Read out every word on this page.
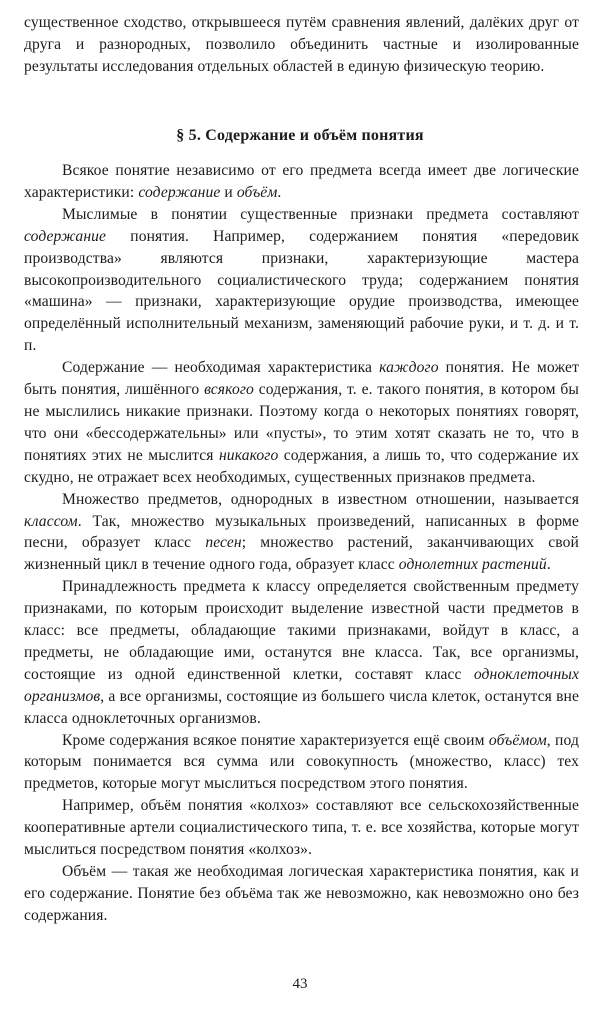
существенное сходство, открывшееся путём сравнения явлений, далёких друг от друга и разнородных, позволило объединить частные и изолированные результаты исследования отдельных областей в единую физическую теорию.

§ 5. Содержание и объём понятия

Всякое понятие независимо от его предмета всегда имеет две логические характеристики: содержание и объём.

Мыслимые в понятии существенные признаки предмета составляют содержание понятия. Например, содержанием понятия «передовик производства» являются признаки, характеризующие мастера высокопроизводительного социалистического труда; содержанием понятия «машина» — признаки, характеризующие орудие производства, имеющее определённый исполнительный механизм, заменяющий рабочие руки, и т. д. и т. п.

Содержание — необходимая характеристика каждого понятия. Не может быть понятия, лишённого всякого содержания, т. е. такого понятия, в котором бы не мыслились никакие признаки. Поэтому когда о некоторых понятиях говорят, что они «бессодержательны» или «пусты», то этим хотят сказать не то, что в понятиях этих не мыслится никакого содержания, а лишь то, что содержание их скудно, не отражает всех необходимых, существенных признаков предмета.

Множество предметов, однородных в известном отношении, называется классом. Так, множество музыкальных произведений, написанных в форме песни, образует класс песен; множество растений, заканчивающих свой жизненный цикл в течение одного года, образует класс однолетних растений.

Принадлежность предмета к классу определяется свойственным предмету признаками, по которым происходит выделение известной части предметов в класс: все предметы, обладающие такими признаками, войдут в класс, а предметы, не обладающие ими, останутся вне класса. Так, все организмы, состоящие из одной единственной клетки, составят класс одноклеточных организмов, а все организмы, состоящие из большего числа клеток, останутся вне класса одноклеточных организмов.

Кроме содержания всякое понятие характеризуется ещё своим объёмом, под которым понимается вся сумма или совокупность (множество, класс) тех предметов, которые могут мыслиться посредством этого понятия.

Например, объём понятия «колхоз» составляют все сельскохозяйственные кооперативные артели социалистического типа, т. е. все хозяйства, которые могут мыслиться посредством понятия «колхоз».

Объём — такая же необходимая логическая характеристика понятия, как и его содержание. Понятие без объёма так же невозможно, как невозможно оно без содержания.

43
